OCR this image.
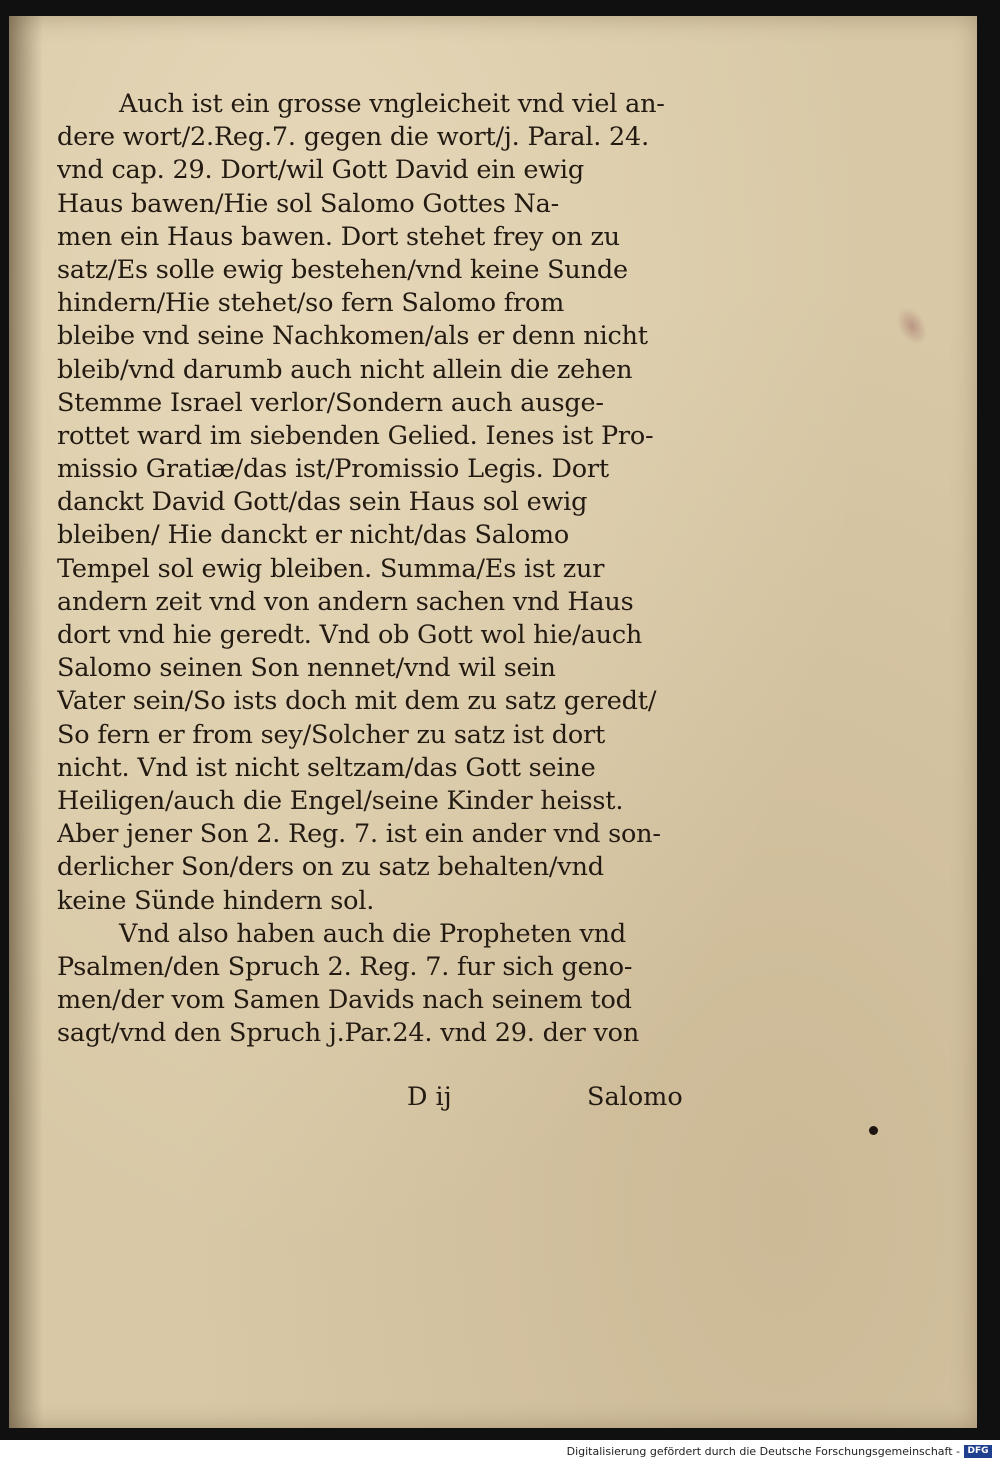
Auch ist ein grosse vngleicheit vnd viel an-
dere wort/2.Reg.7. gegen die wort/j. Paral. 24.
vnd cap. 29. Dort/wil Gott David ein ewig
Haus bawen/Hie sol Salomo Gottes Na-
men ein Haus bawen. Dort stehet frey on zu
satz/Es solle ewig bestehen/vnd keine Sunde
hindern/Hie stehet/so fern Salomo from
bleibe vnd seine Nachkomen/als er denn nicht
bleib/vnd darumb auch nicht allein die zehen
Stemme Israel verlor/Sondern auch ausge-
rottet ward im siebenden Gelied. Ienes ist Pro-
missio Gratiæ/das ist/Promissio Legis. Dort
danckt David Gott/das sein Haus sol ewig
bleiben/ Hie danckt er nicht/das Salomo
Tempel sol ewig bleiben. Summa/Es ist zur
andern zeit vnd von andern sachen vnd Haus
dort vnd hie geredt. Vnd ob Gott wol hie/auch
Salomo seinen Son nennet/vnd wil sein
Vater sein/So ists doch mit dem zu satz geredt/
So fern er from sey/Solcher zu satz ist dort
nicht. Vnd ist nicht seltzam/das Gott seine
Heiligen/auch die Engel/seine Kinder heisst.
Aber jener Son 2. Reg. 7. ist ein ander vnd son-
derlicher Son/ders on zu satz behalten/vnd
keine Sünde hindern sol.
Vnd also haben auch die Propheten vnd
Psalmen/den Spruch 2. Reg. 7. fur sich geno-
men/der vom Samen Davids nach seinem tod
sagt/vnd den Spruch j.Par.24. vnd 29. der von
D ij	Salomo
Digitalisierung gefördert durch die Deutsche Forschungsgemeinschaft - DFG
